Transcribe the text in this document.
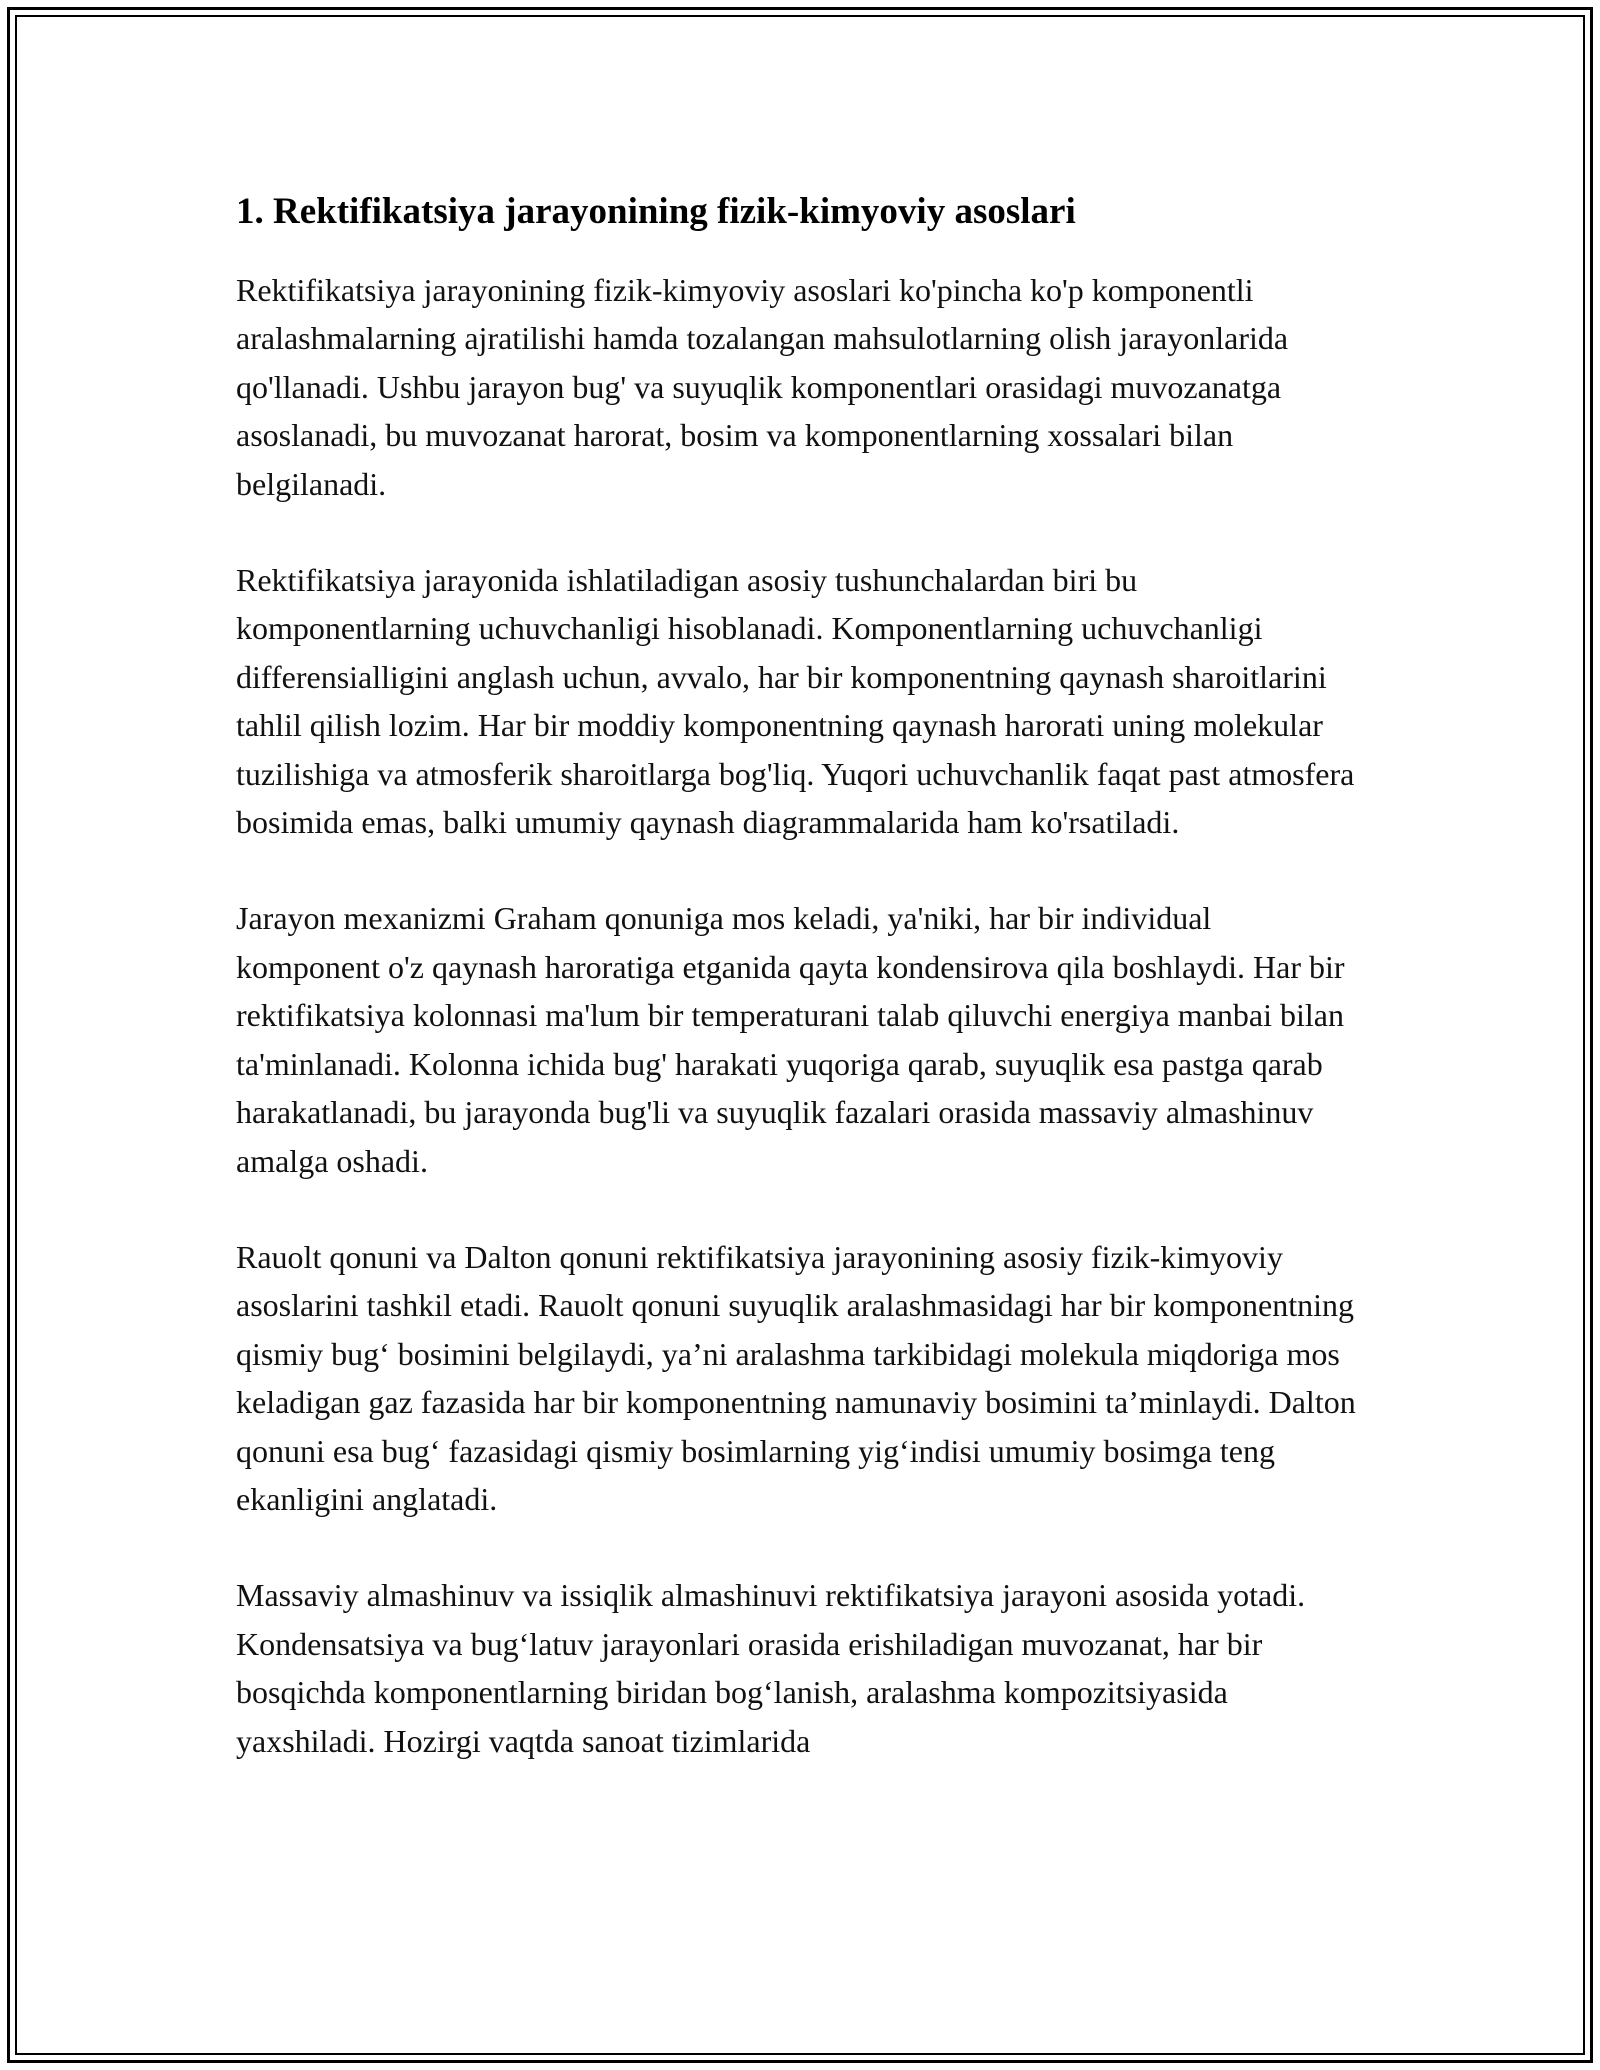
1. Rektifikatsiya jarayonining fizik-kimyoviy asoslari

Rektifikatsiya jarayonining fizik-kimyoviy asoslari ko'pincha ko'p komponentli aralashmalarning ajratilishi hamda tozalangan mahsulotlarning olish jarayonlarida qo'llanadi. Ushbu jarayon bug' va suyuqlik komponentlari orasidagi muvozanatga asoslanadi, bu muvozanat harorat, bosim va komponentlarning xossalari bilan belgilanadi.

Rektifikatsiya jarayonida ishlatiladigan asosiy tushunchalardan biri bu komponentlarning uchuvchanligi hisoblanadi. Komponentlarning uchuvchanligi differensialligini anglash uchun, avvalo, har bir komponentning qaynash sharoitlarini tahlil qilish lozim. Har bir moddiy komponentning qaynash harorati uning molekular tuzilishiga va atmosferik sharoitlarga bog'liq. Yuqori uchuvchanlik faqat past atmosfera bosimida emas, balki umumiy qaynash diagrammalarida ham ko'rsatiladi.

Jarayon mexanizmi Graham qonuniga mos keladi, ya'niki, har bir individual komponent o'z qaynash haroratiga etganida qayta kondensirova qila boshlaydi. Har bir rektifikatsiya kolonnasi ma'lum bir temperaturani talab qiluvchi energiya manbai bilan ta'minlanadi. Kolonna ichida bug' harakati yuqoriga qarab, suyuqlik esa pastga qarab harakatlanadi, bu jarayonda bug'li va suyuqlik fazalari orasida massaviy almashinuv amalga oshadi.

Rauolt qonuni va Dalton qonuni rektifikatsiya jarayonining asosiy fizik-kimyoviy asoslarini tashkil etadi. Rauolt qonuni suyuqlik aralashmasidagi har bir komponentning qismiy bug‘ bosimini belgilaydi, ya’ni aralashma tarkibidagi molekula miqdoriga mos keladigan gaz fazasida har bir komponentning namunaviy bosimini ta’minlaydi. Dalton qonuni esa bug‘ fazasidagi qismiy bosimlarning yig‘indisi umumiy bosimga teng ekanligini anglatadi.

Massaviy almashinuv va issiqlik almashinuvi rektifikatsiya jarayoni asosida yotadi. Kondensatsiya va bug‘latuv jarayonlari orasida erishiladigan muvozanat, har bir bosqichda komponentlarning biridan bog‘lanish, aralashma kompozitsiyasida yaxshiladi. Hozirgi vaqtda sanoat tizimlarida
